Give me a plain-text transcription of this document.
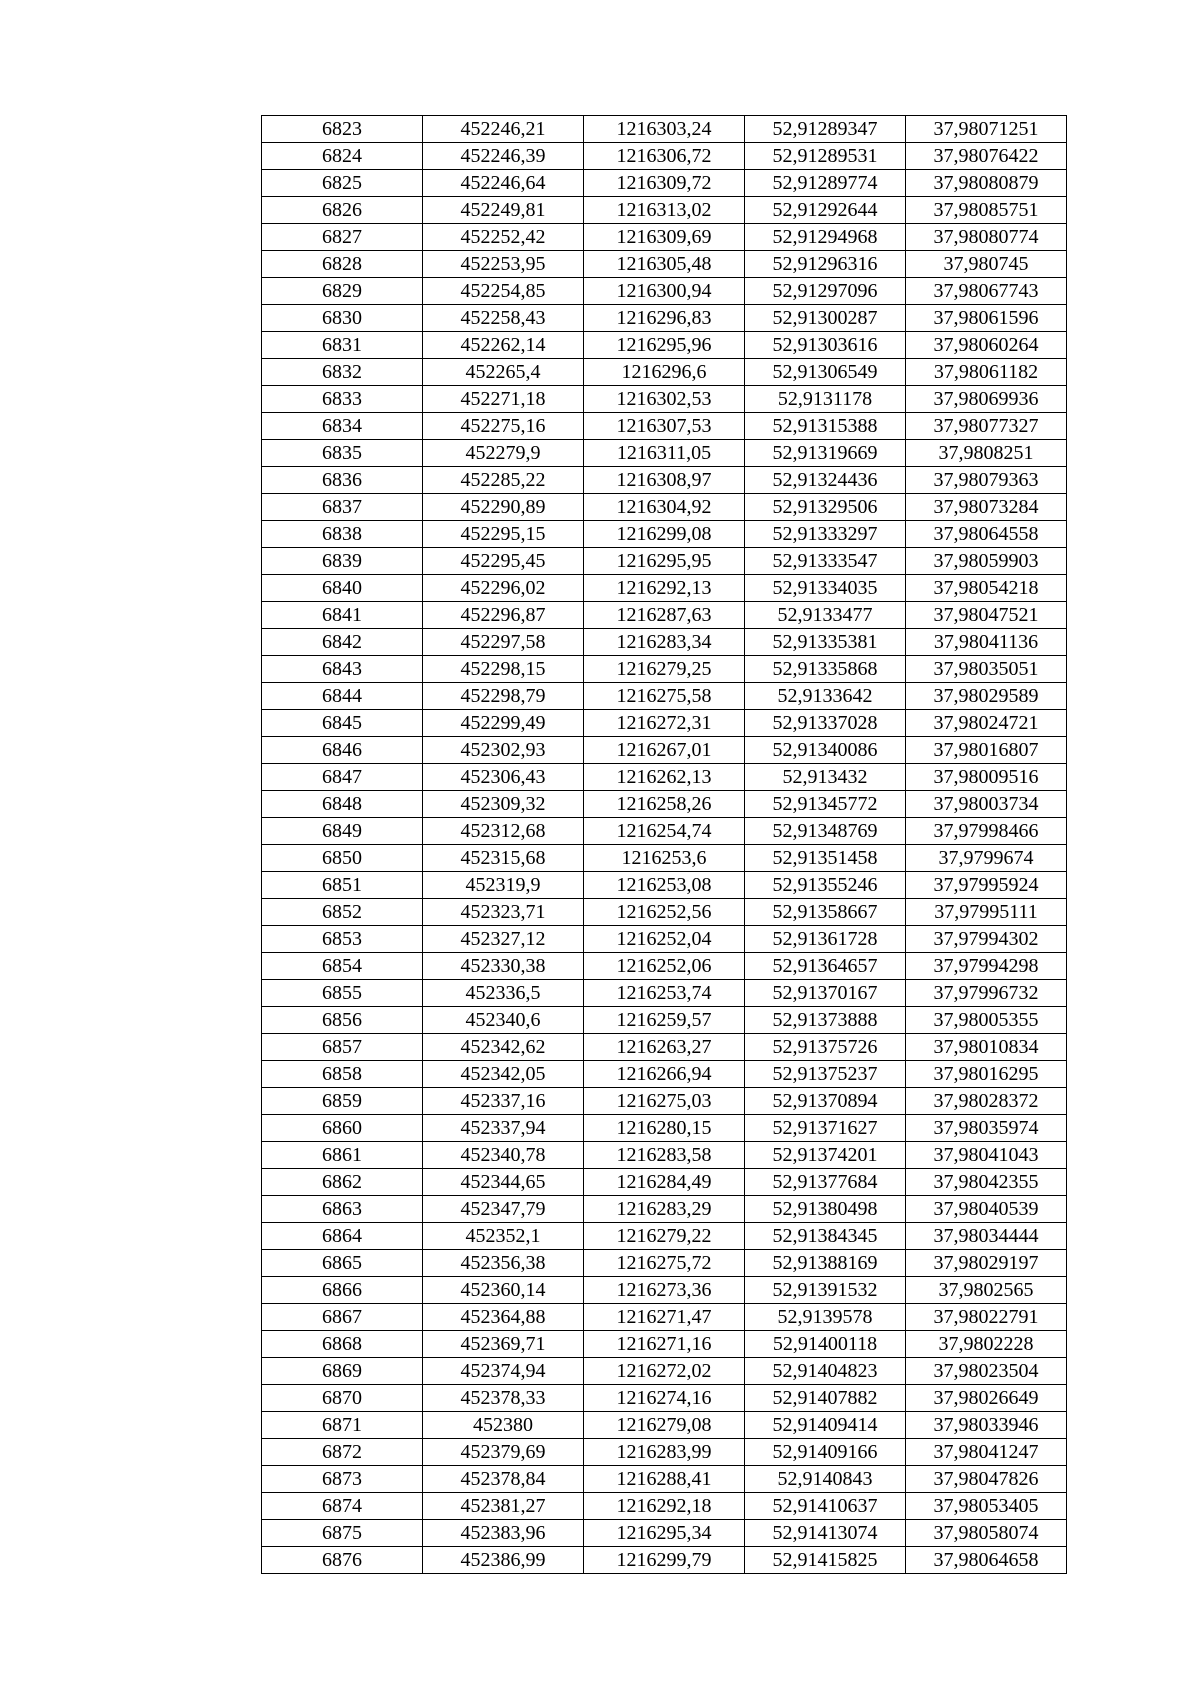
6823	452246,21	1216303,24	52,91289347	37,98071251
6824	452246,39	1216306,72	52,91289531	37,98076422
6825	452246,64	1216309,72	52,91289774	37,98080879
6826	452249,81	1216313,02	52,91292644	37,98085751
6827	452252,42	1216309,69	52,91294968	37,98080774
6828	452253,95	1216305,48	52,91296316	37,980745
6829	452254,85	1216300,94	52,91297096	37,98067743
6830	452258,43	1216296,83	52,91300287	37,98061596
6831	452262,14	1216295,96	52,91303616	37,98060264
6832	452265,4	1216296,6	52,91306549	37,98061182
6833	452271,18	1216302,53	52,9131178	37,98069936
6834	452275,16	1216307,53	52,91315388	37,98077327
6835	452279,9	1216311,05	52,91319669	37,9808251
6836	452285,22	1216308,97	52,91324436	37,98079363
6837	452290,89	1216304,92	52,91329506	37,98073284
6838	452295,15	1216299,08	52,91333297	37,98064558
6839	452295,45	1216295,95	52,91333547	37,98059903
6840	452296,02	1216292,13	52,91334035	37,98054218
6841	452296,87	1216287,63	52,9133477	37,98047521
6842	452297,58	1216283,34	52,91335381	37,98041136
6843	452298,15	1216279,25	52,91335868	37,98035051
6844	452298,79	1216275,58	52,9133642	37,98029589
6845	452299,49	1216272,31	52,91337028	37,98024721
6846	452302,93	1216267,01	52,91340086	37,98016807
6847	452306,43	1216262,13	52,913432	37,98009516
6848	452309,32	1216258,26	52,91345772	37,98003734
6849	452312,68	1216254,74	52,91348769	37,97998466
6850	452315,68	1216253,6	52,91351458	37,9799674
6851	452319,9	1216253,08	52,91355246	37,97995924
6852	452323,71	1216252,56	52,91358667	37,97995111
6853	452327,12	1216252,04	52,91361728	37,97994302
6854	452330,38	1216252,06	52,91364657	37,97994298
6855	452336,5	1216253,74	52,91370167	37,97996732
6856	452340,6	1216259,57	52,91373888	37,98005355
6857	452342,62	1216263,27	52,91375726	37,98010834
6858	452342,05	1216266,94	52,91375237	37,98016295
6859	452337,16	1216275,03	52,91370894	37,98028372
6860	452337,94	1216280,15	52,91371627	37,98035974
6861	452340,78	1216283,58	52,91374201	37,98041043
6862	452344,65	1216284,49	52,91377684	37,98042355
6863	452347,79	1216283,29	52,91380498	37,98040539
6864	452352,1	1216279,22	52,91384345	37,98034444
6865	452356,38	1216275,72	52,91388169	37,98029197
6866	452360,14	1216273,36	52,91391532	37,9802565
6867	452364,88	1216271,47	52,9139578	37,98022791
6868	452369,71	1216271,16	52,91400118	37,9802228
6869	452374,94	1216272,02	52,91404823	37,98023504
6870	452378,33	1216274,16	52,91407882	37,98026649
6871	452380	1216279,08	52,91409414	37,98033946
6872	452379,69	1216283,99	52,91409166	37,98041247
6873	452378,84	1216288,41	52,9140843	37,98047826
6874	452381,27	1216292,18	52,91410637	37,98053405
6875	452383,96	1216295,34	52,91413074	37,98058074
6876	452386,99	1216299,79	52,91415825	37,98064658
